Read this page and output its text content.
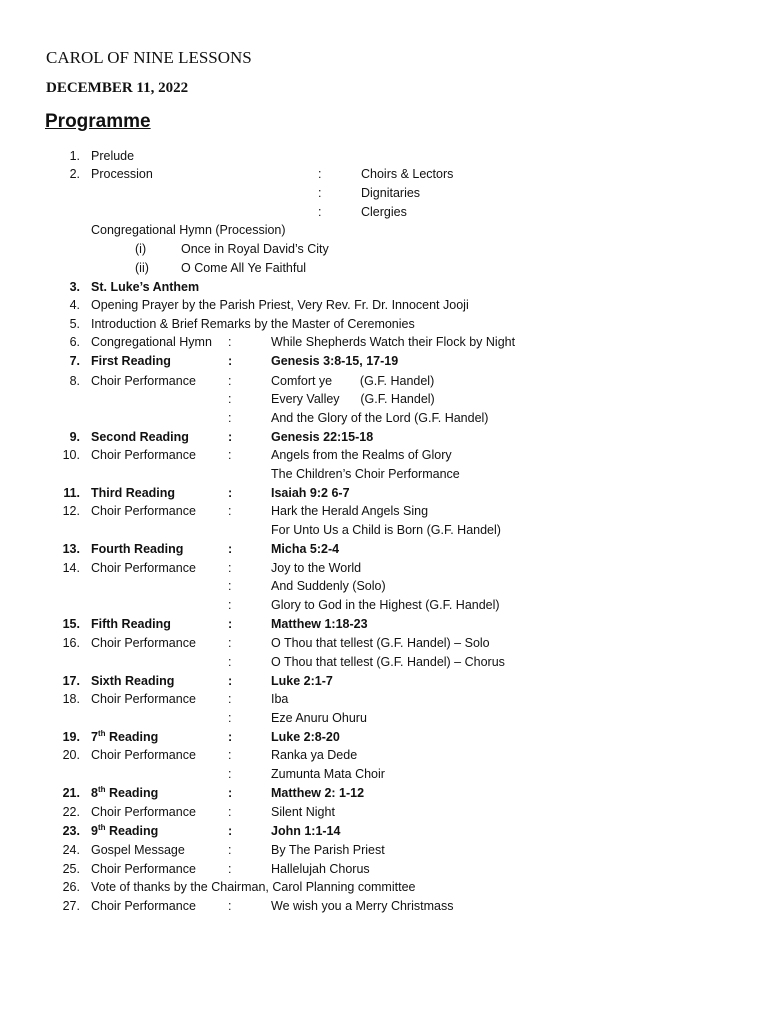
CAROL OF NINE LESSONS
DECEMBER 11, 2022
Programme
1. Prelude
2. Procession	:	Choirs & Lectors
:	Dignitaries
:	Clergies
Congregational Hymn (Procession)
(i)	Once in Royal David’s City
(ii)	O Come All Ye Faithful
3. St. Luke’s Anthem
4. Opening Prayer by the Parish Priest, Very Rev. Fr. Dr. Innocent Jooji
5. Introduction & Brief Remarks by the Master of Ceremonies
6. Congregational Hymn :	While Shepherds Watch their Flock by Night
7. First Reading	:	Genesis 3:8-15, 17-19
8. Choir Performance	:	Comfort ye        (G.F. Handel)
:	Every Valley      (G.F. Handel)
:	And the Glory of the Lord (G.F. Handel)
9. Second Reading	:	Genesis 22:15-18
10. Choir Performance	:	Angels from the Realms of Glory
The Children’s Choir Performance
11. Third Reading	:	Isaiah 9:2 6-7
12. Choir Performance	:	Hark the Herald Angels Sing
For Unto Us a Child is Born (G.F. Handel)
13. Fourth Reading	:	Micha 5:2-4
14. Choir Performance	:	Joy to the World
:	And Suddenly (Solo)
:	Glory to God in the Highest (G.F. Handel)
15. Fifth Reading	:	Matthew 1:18-23
16. Choir Performance	:	O Thou that tellest (G.F. Handel) – Solo
:	O Thou that tellest (G.F. Handel) – Chorus
17. Sixth Reading	:	Luke 2:1-7
18. Choir Performance	:	Iba
:	Eze Anuru Ohuru
19. 7th Reading	:	Luke 2:8-20
20. Choir Performance	:	Ranka ya Dede
:	Zumunta Mata Choir
21. 8th Reading	:	Matthew 2: 1-12
22. Choir Performance	:	Silent Night
23. 9th Reading	:	John 1:1-14
24. Gospel Message	:	By The Parish Priest
25. Choir Performance	:	Hallelujah Chorus
26. Vote of thanks by the Chairman, Carol Planning committee
27. Choir Performance	:	We wish you a Merry Christmass
